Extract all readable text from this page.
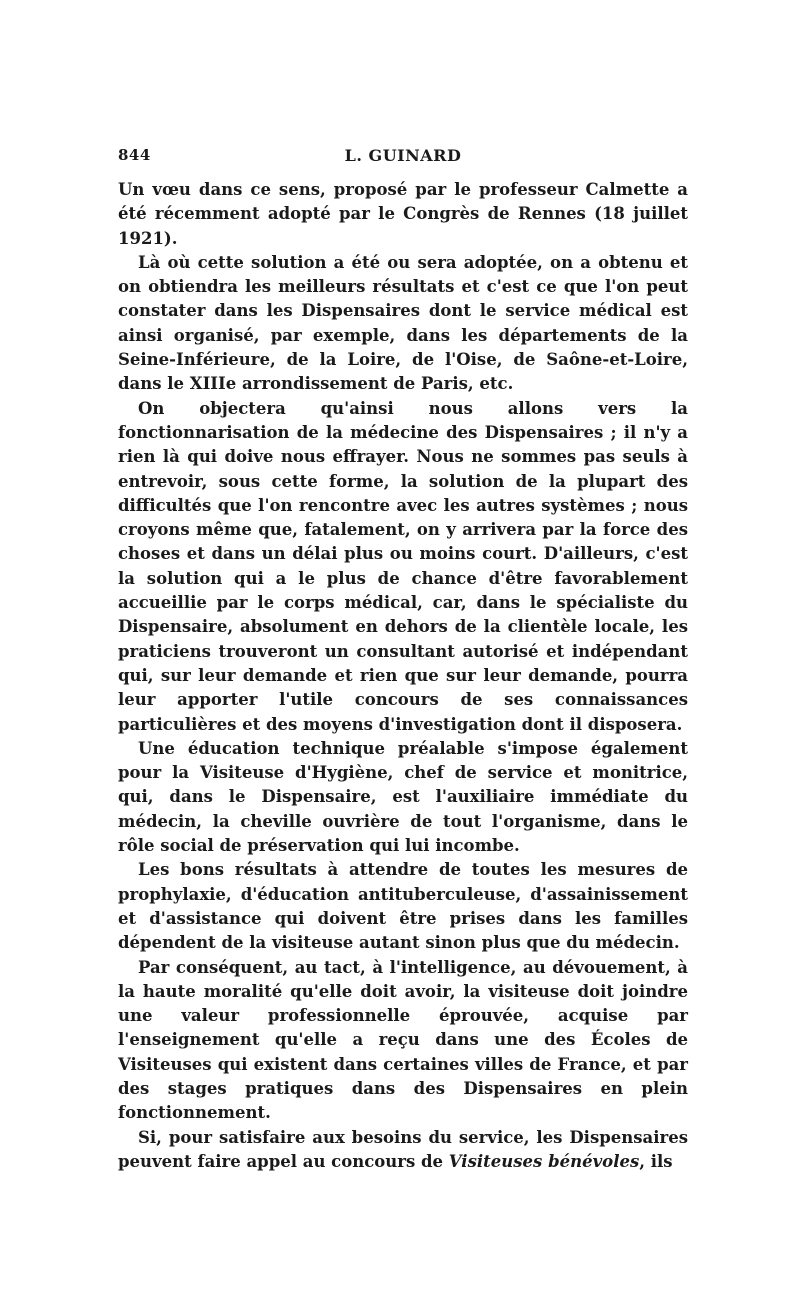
844	L. GUINARD

Un vœu dans ce sens, proposé par le professeur Calmette a été récemment adopté par le Congrès de Rennes (18 juillet 1921).

Là où cette solution a été ou sera adoptée, on a obtenu et on obtiendra les meilleurs résultats et c'est ce que l'on peut constater dans les Dispensaires dont le service médical est ainsi organisé, par exemple, dans les départements de la Seine-Inférieure, de la Loire, de l'Oise, de Saône-et-Loire, dans le XIIIe arrondissement de Paris, etc.

On objectera qu'ainsi nous allons vers la fonctionnarisation de la médecine des Dispensaires ; il n'y a rien là qui doive nous effrayer. Nous ne sommes pas seuls à entrevoir, sous cette forme, la solution de la plupart des difficultés que l'on rencontre avec les autres systèmes ; nous croyons même que, fatalement, on y arrivera par la force des choses et dans un délai plus ou moins court. D'ailleurs, c'est la solution qui a le plus de chance d'être favorablement accueillie par le corps médical, car, dans le spécialiste du Dispensaire, absolument en dehors de la clientèle locale, les praticiens trouveront un consultant autorisé et indépendant qui, sur leur demande et rien que sur leur demande, pourra leur apporter l'utile concours de ses connaissances particulières et des moyens d'investigation dont il disposera.

Une éducation technique préalable s'impose également pour la Visiteuse d'Hygiène, chef de service et monitrice, qui, dans le Dispensaire, est l'auxiliaire immédiate du médecin, la cheville ouvrière de tout l'organisme, dans le rôle social de préservation qui lui incombe.

Les bons résultats à attendre de toutes les mesures de prophylaxie, d'éducation antituberculeuse, d'assainissement et d'assistance qui doivent être prises dans les familles dépendent de la visiteuse autant sinon plus que du médecin.

Par conséquent, au tact, à l'intelligence, au dévouement, à la haute moralité qu'elle doit avoir, la visiteuse doit joindre une valeur professionnelle éprouvée, acquise par l'enseignement qu'elle a reçu dans une des Écoles de Visiteuses qui existent dans certaines villes de France, et par des stages pratiques dans des Dispensaires en plein fonctionnement.

Si, pour satisfaire aux besoins du service, les Dispensaires peuvent faire appel au concours de Visiteuses bénévoles, ils
